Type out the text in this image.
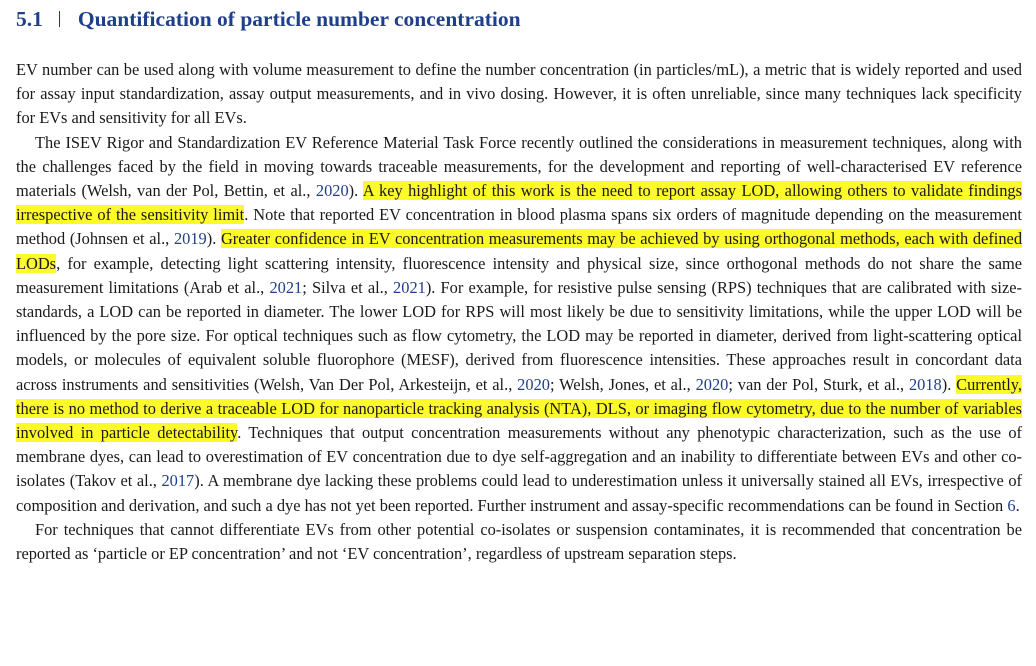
5.1 Quantification of particle number concentration

EV number can be used along with volume measurement to define the number concentration (in particles/mL), a metric that is widely reported and used for assay input standardization, assay output measurements, and in vivo dosing. However, it is often unreliable, since many techniques lack specificity for EVs and sensitivity for all EVs.

The ISEV Rigor and Standardization EV Reference Material Task Force recently outlined the considerations in measurement techniques, along with the challenges faced by the field in moving towards traceable measurements, for the development and reporting of well-characterised EV reference materials (Welsh, van der Pol, Bettin, et al., 2020). A key highlight of this work is the need to report assay LOD, allowing others to validate findings irrespective of the sensitivity limit. Note that reported EV concentration in blood plasma spans six orders of magnitude depending on the measurement method (Johnsen et al., 2019). Greater confidence in EV concentration measurements may be achieved by using orthogonal methods, each with defined LODs, for example, detecting light scattering intensity, fluorescence intensity and physical size, since orthogonal methods do not share the same measurement limitations (Arab et al., 2021; Silva et al., 2021). For example, for resistive pulse sensing (RPS) techniques that are calibrated with size-standards, a LOD can be reported in diameter. The lower LOD for RPS will most likely be due to sensitivity limitations, while the upper LOD will be influenced by the pore size. For optical techniques such as flow cytometry, the LOD may be reported in diameter, derived from light-scattering optical models, or molecules of equivalent soluble fluorophore (MESF), derived from fluorescence intensities. These approaches result in concordant data across instruments and sensitivities (Welsh, Van Der Pol, Arkesteijn, et al., 2020; Welsh, Jones, et al., 2020; van der Pol, Sturk, et al., 2018). Currently, there is no method to derive a traceable LOD for nanoparticle tracking analysis (NTA), DLS, or imaging flow cytometry, due to the number of variables involved in particle detectability. Techniques that output concentration measurements without any phenotypic characterization, such as the use of membrane dyes, can lead to overestimation of EV concentration due to dye self-aggregation and an inability to differentiate between EVs and other co-isolates (Takov et al., 2017). A membrane dye lacking these problems could lead to underestimation unless it universally stained all EVs, irrespective of composition and derivation, and such a dye has not yet been reported. Further instrument and assay-specific recommendations can be found in Section 6.

For techniques that cannot differentiate EVs from other potential co-isolates or suspension contaminates, it is recommended that concentration be reported as ‘particle or EP concentration’ and not ‘EV concentration’, regardless of upstream separation steps.
